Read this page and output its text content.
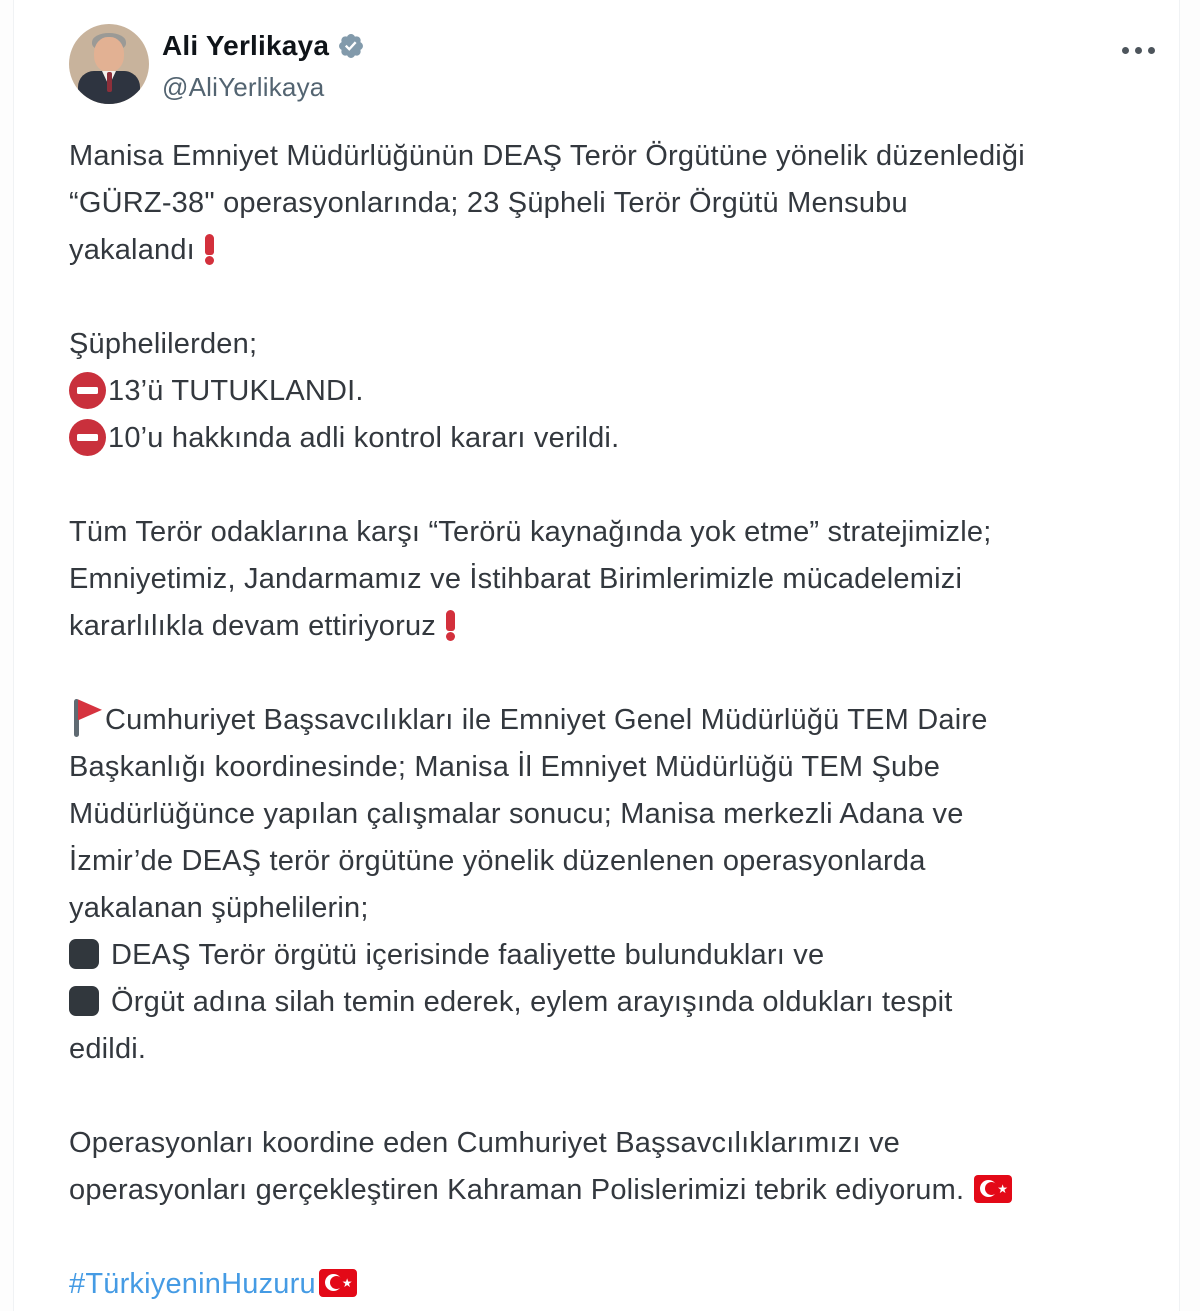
Ali Yerlikaya
@AliYerlikaya
Manisa Emniyet Müdürlüğünün DEAŞ Terör Örgütüne yönelik düzenlediği
“GÜRZ-38" operasyonlarında; 23 Şüpheli Terör Örgütü Mensubu
yakalandı
Şüphelilerden;
13’ü TUTUKLANDI.
10’u hakkında adli kontrol kararı verildi.
Tüm Terör odaklarına karşı “Terörü kaynağında yok etme” stratejimizle;
Emniyetimiz, Jandarmamız ve İstihbarat Birimlerimizle mücadelemizi
kararlılıkla devam ettiriyoruz
Cumhuriyet Başsavcılıkları ile Emniyet Genel Müdürlüğü TEM Daire
Başkanlığı koordinesinde; Manisa İl Emniyet Müdürlüğü TEM Şube
Müdürlüğünce yapılan çalışmalar sonucu; Manisa merkezli Adana ve
İzmir’de DEAŞ terör örgütüne yönelik düzenlenen operasyonlarda
yakalanan şüphelilerin;
DEAŞ Terör örgütü içerisinde faaliyette bulundukları ve
Örgüt adına silah temin ederek, eylem arayışında oldukları tespit
edildi.
Operasyonları koordine eden Cumhuriyet Başsavcılıklarımızı ve
operasyonları gerçekleştiren Kahraman Polislerimizi tebrik ediyorum.	★
#TürkiyeninHuzuru ★
